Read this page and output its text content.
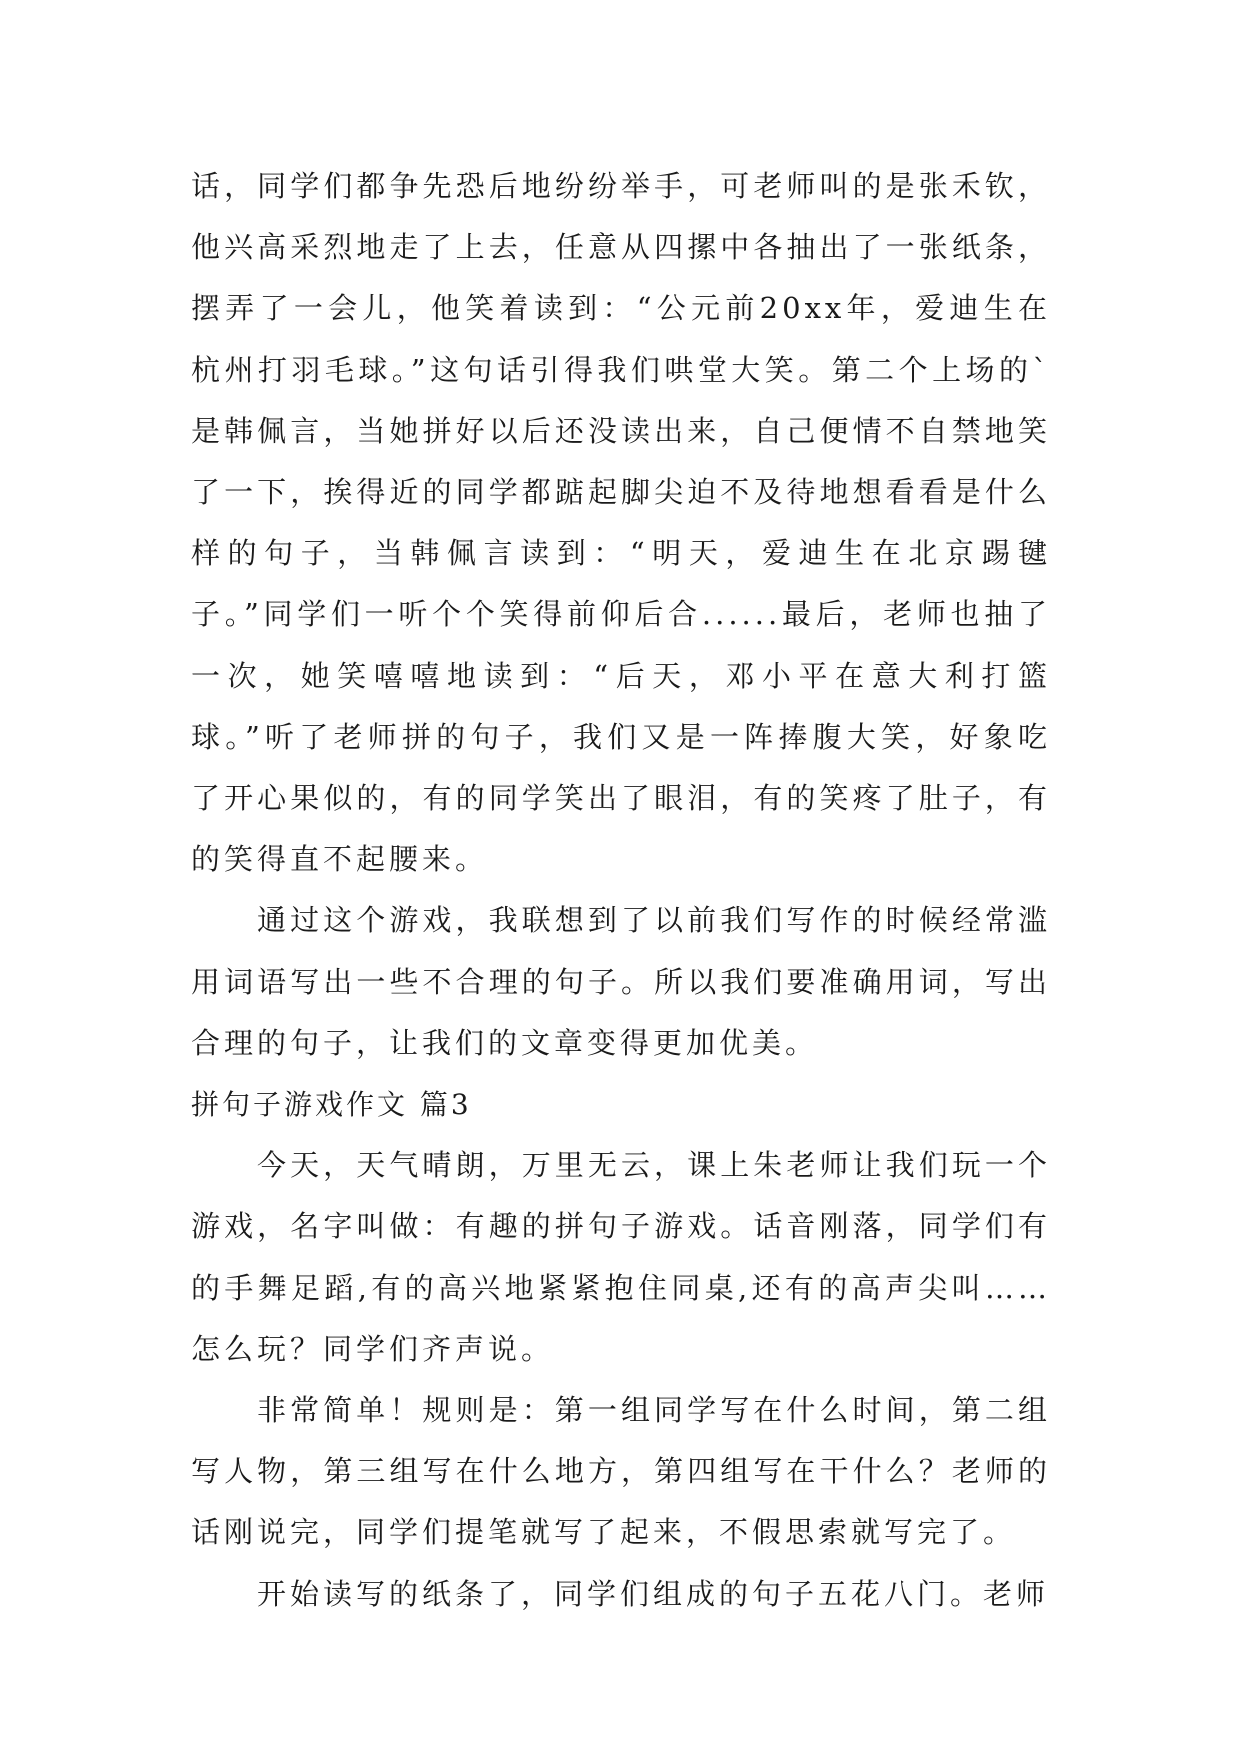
话，同学们都争先恐后地纷纷举手，可老师叫的是张禾钦，他兴高采烈地走了上去，任意从四摞中各抽出了一张纸条，摆弄了一会儿，他笑着读到：“公元前20xx年，爱迪生在杭州打羽毛球。”这句话引得我们哄堂大笑。第二个上场的`是韩佩言，当她拼好以后还没读出来，自己便情不自禁地笑了一下，挨得近的同学都踮起脚尖迫不及待地想看看是什么样的句子，当韩佩言读到：“明天，爱迪生在北京踢毽子。”同学们一听个个笑得前仰后合......最后，老师也抽了一次，她笑嘻嘻地读到：“后天，邓小平在意大利打篮球。”听了老师拼的句子，我们又是一阵捧腹大笑，好象吃了开心果似的，有的同学笑出了眼泪，有的笑疼了肚子，有的笑得直不起腰来。

通过这个游戏，我联想到了以前我们写作的时候经常滥用词语写出一些不合理的句子。所以我们要准确用词，写出合理的句子，让我们的文章变得更加优美。

拼句子游戏作文 篇3

今天，天气晴朗，万里无云，课上朱老师让我们玩一个游戏，名字叫做：有趣的拼句子游戏。话音刚落，同学们有的手舞足蹈,有的高兴地紧紧抱住同桌,还有的高声尖叫……怎么玩？同学们齐声说。

非常简单！规则是：第一组同学写在什么时间，第二组写人物，第三组写在什么地方，第四组写在干什么？老师的话刚说完，同学们提笔就写了起来，不假思索就写完了。

开始读写的纸条了，同学们组成的句子五花八门。老师
